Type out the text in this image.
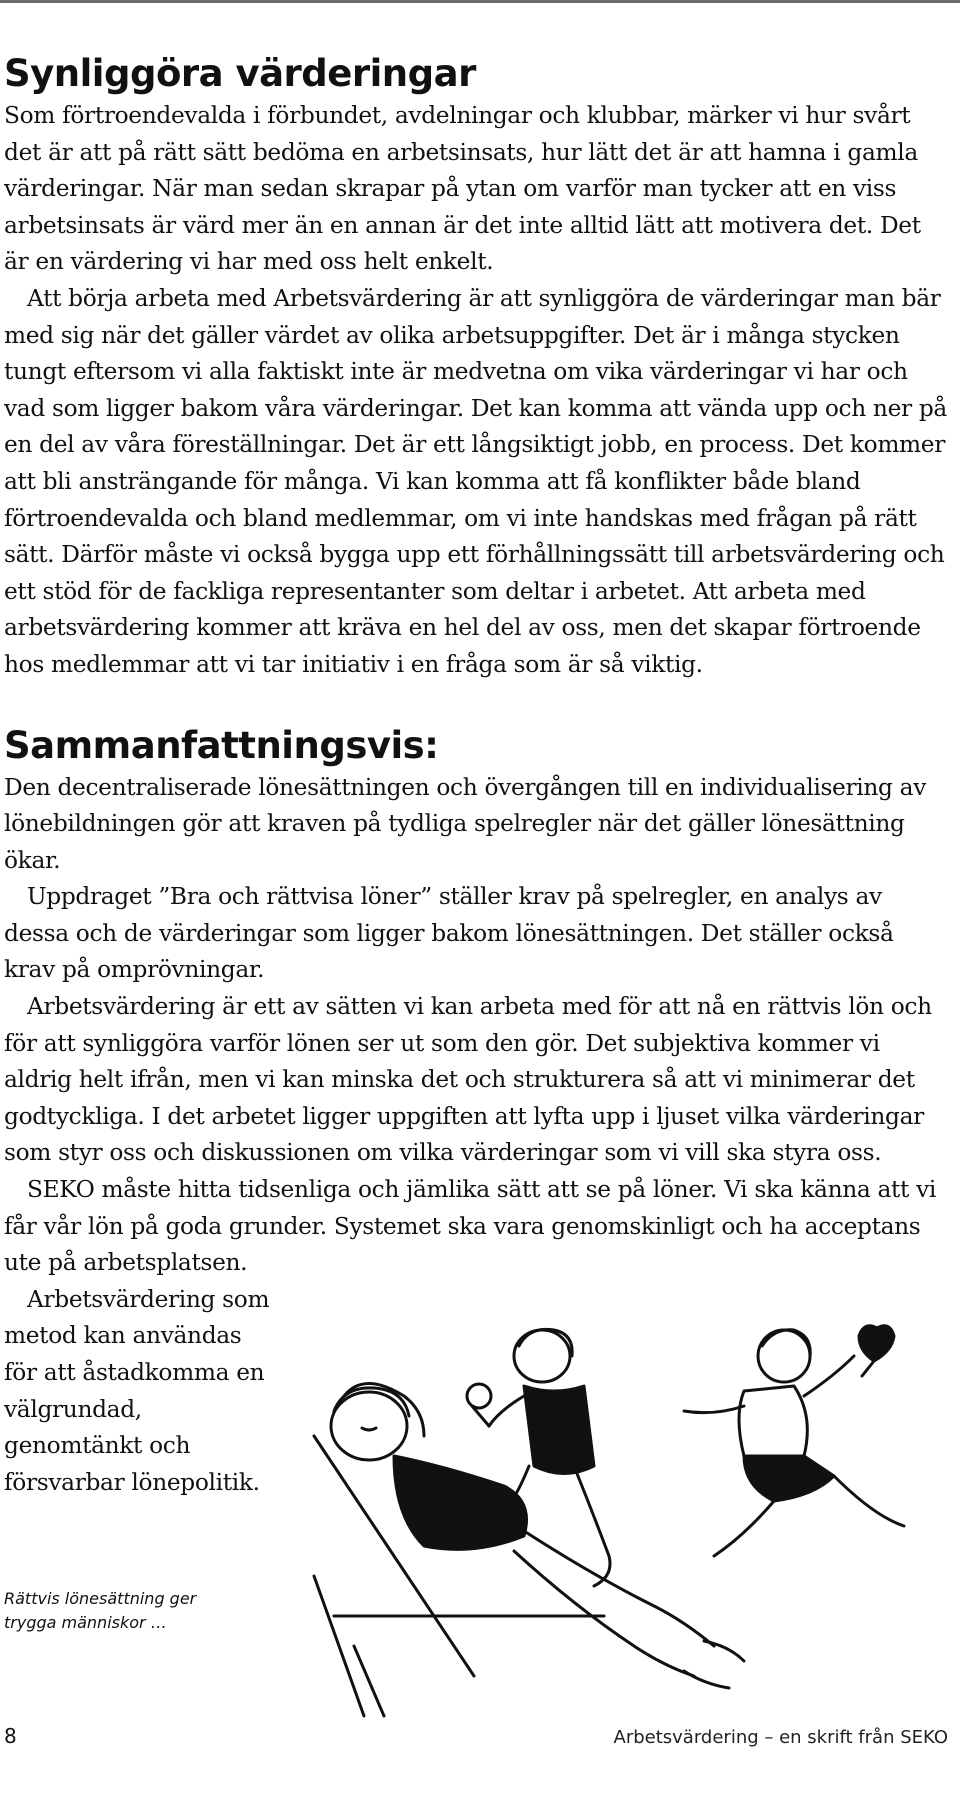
Synliggöra värderingar

Som förtroendevalda i förbundet, avdelningar och klubbar, märker vi hur svårt det är att på rätt sätt bedöma en arbetsinsats, hur lätt det är att hamna i gamla värderingar. När man sedan skrapar på ytan om varför man tycker att en viss arbetsinsats är värd mer än en annan är det inte alltid lätt att motivera det. Det är en värdering vi har med oss helt enkelt.

Att börja arbeta med Arbetsvärdering är att synliggöra de värderingar man bär med sig när det gäller värdet av olika arbetsuppgifter. Det är i många stycken tungt eftersom vi alla faktiskt inte är medvetna om vika värderingar vi har och vad som ligger bakom våra värderingar. Det kan komma att vända upp och ner på en del av våra föreställningar. Det är ett långsiktigt jobb, en process. Det kommer att bli ansträngande för många. Vi kan komma att få konflikter både bland förtroendevalda och bland medlemmar, om vi inte handskas med frågan på rätt sätt. Därför måste vi också bygga upp ett förhållningssätt till arbetsvärdering och ett stöd för de fackliga representanter som deltar i arbetet. Att arbeta med arbetsvärdering kommer att kräva en hel del av oss, men det skapar förtroende hos medlemmar att vi tar initiativ i en fråga som är så viktig.

Sammanfattningsvis:

Den decentraliserade lönesättningen och övergången till en individualisering av lönebildningen gör att kraven på tydliga spelregler när det gäller lönesättning ökar.

Uppdraget ”Bra och rättvisa löner” ställer krav på spelregler, en analys av dessa och de värderingar som ligger bakom lönesättningen. Det ställer också krav på omprövningar.

Arbetsvärdering är ett av sätten vi kan arbeta med för att nå en rättvis lön och för att synliggöra varför lönen ser ut som den gör. Det subjektiva kommer vi aldrig helt ifrån, men vi kan minska det och strukturera så att vi minimerar det godtyckliga. I det arbetet ligger uppgiften att lyfta upp i ljuset vilka värderingar som styr oss och diskussionen om vilka värderingar som vi vill ska styra oss.

SEKO måste hitta tidsenliga och jämlika sätt att se på löner. Vi ska känna att vi får vår lön på goda grunder. Systemet ska vara genomskinligt och ha acceptans ute på arbetsplatsen.

Arbetsvärdering som metod kan användas för att åstadkomma en välgrundad, genomtänkt och försvarbar lönepolitik.

Rättvis lönesättning ger trygga människor …
8	Arbetsvärdering – en skrift från SEKO
